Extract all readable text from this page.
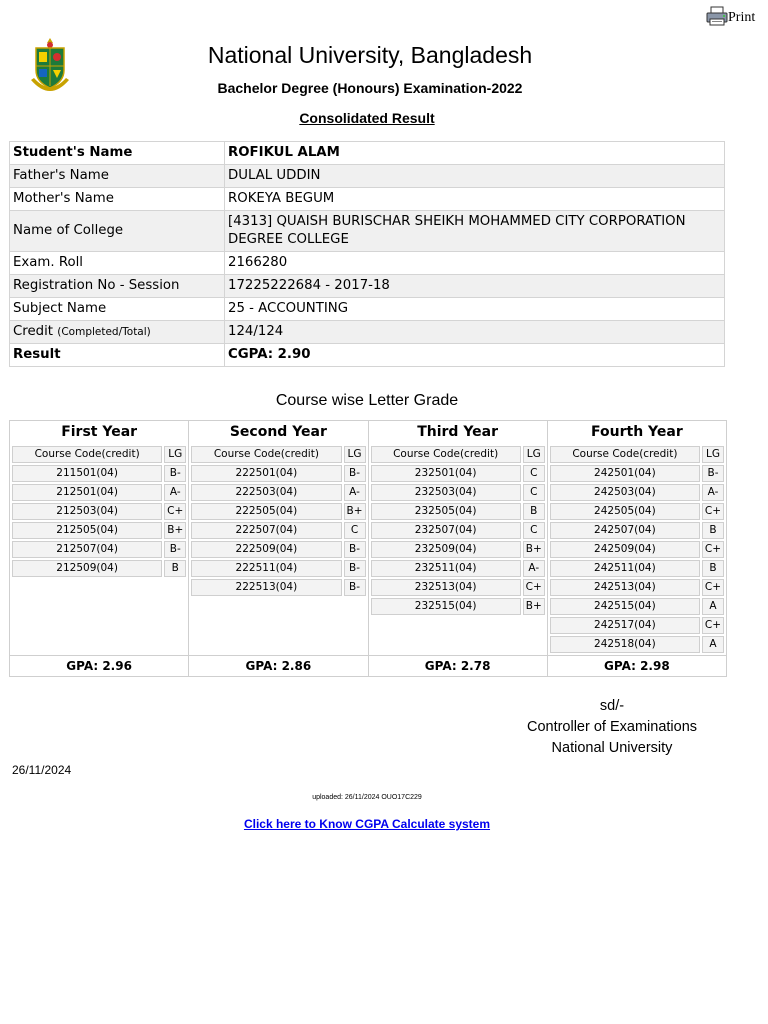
Print
National University, Bangladesh
Bachelor Degree (Honours) Examination-2022
Consolidated Result
Student's Name	ROFIKUL ALAM
Father's Name	DULAL UDDIN
Mother's Name	ROKEYA BEGUM
Name of College	[4313] QUAISH BURISCHAR SHEIKH MOHAMMED CITY CORPORATION DEGREE COLLEGE
Exam. Roll	2166280
Registration No - Session	17225222684 - 2017-18
Subject Name	25 - ACCOUNTING
Credit (Completed/Total)	124/124
Result	CGPA: 2.90
Course wise Letter Grade
First Year
Course Code(credit)	LG
211501(04)	B-
212501(04)	A-
212503(04)	C+
212505(04)	B+
212507(04)	B-
212509(04)	B
GPA: 2.96
Second Year
Course Code(credit)	LG
222501(04)	B-
222503(04)	A-
222505(04)	B+
222507(04)	C
222509(04)	B-
222511(04)	B-
222513(04)	B-
GPA: 2.86
Third Year
Course Code(credit)	LG
232501(04)	C
232503(04)	C
232505(04)	B
232507(04)	C
232509(04)	B+
232511(04)	A-
232513(04)	C+
232515(04)	B+
GPA: 2.78
Fourth Year
Course Code(credit)	LG
242501(04)	B-
242503(04)	A-
242505(04)	C+
242507(04)	B
242509(04)	C+
242511(04)	B
242513(04)	C+
242515(04)	A
242517(04)	C+
242518(04)	A
GPA: 2.98
sd/-
Controller of Examinations
National University
26/11/2024
uploaded: 26/11/2024 OUO17C229
Click here to Know CGPA Calculate system
